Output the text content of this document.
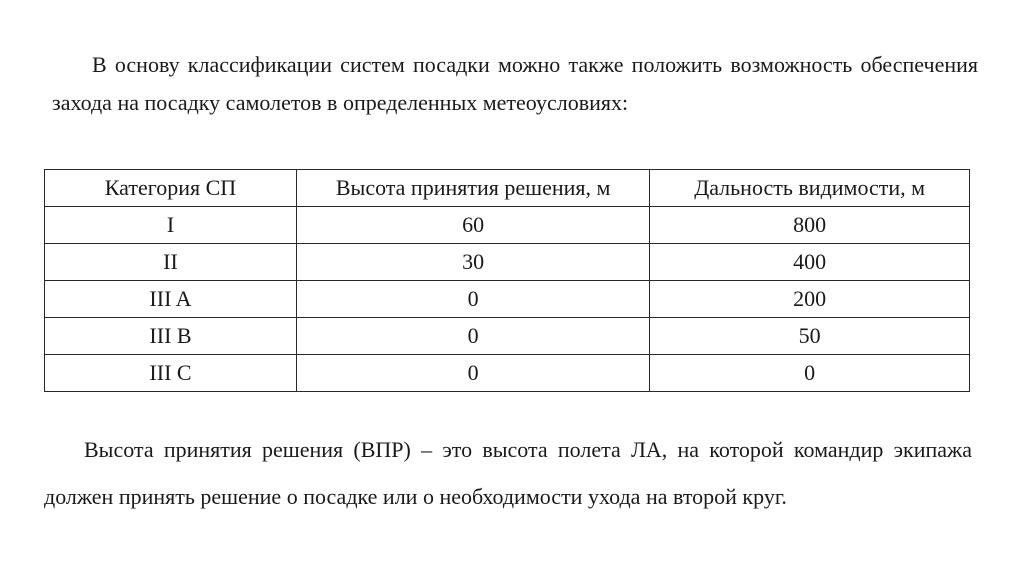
В основу классификации систем посадки можно также положить возможность обеспечения захода на посадку самолетов в определенных метеоусловиях:

Категория СП	Высота принятия решения, м	Дальность видимости, м
I	60	800
II	30	400
III A	0	200
III B	0	50
III C	0	0

Высота принятия решения (ВПР) – это высота полета ЛА, на которой командир экипажа должен принять решение о посадке или о необходимости ухода на второй круг.
